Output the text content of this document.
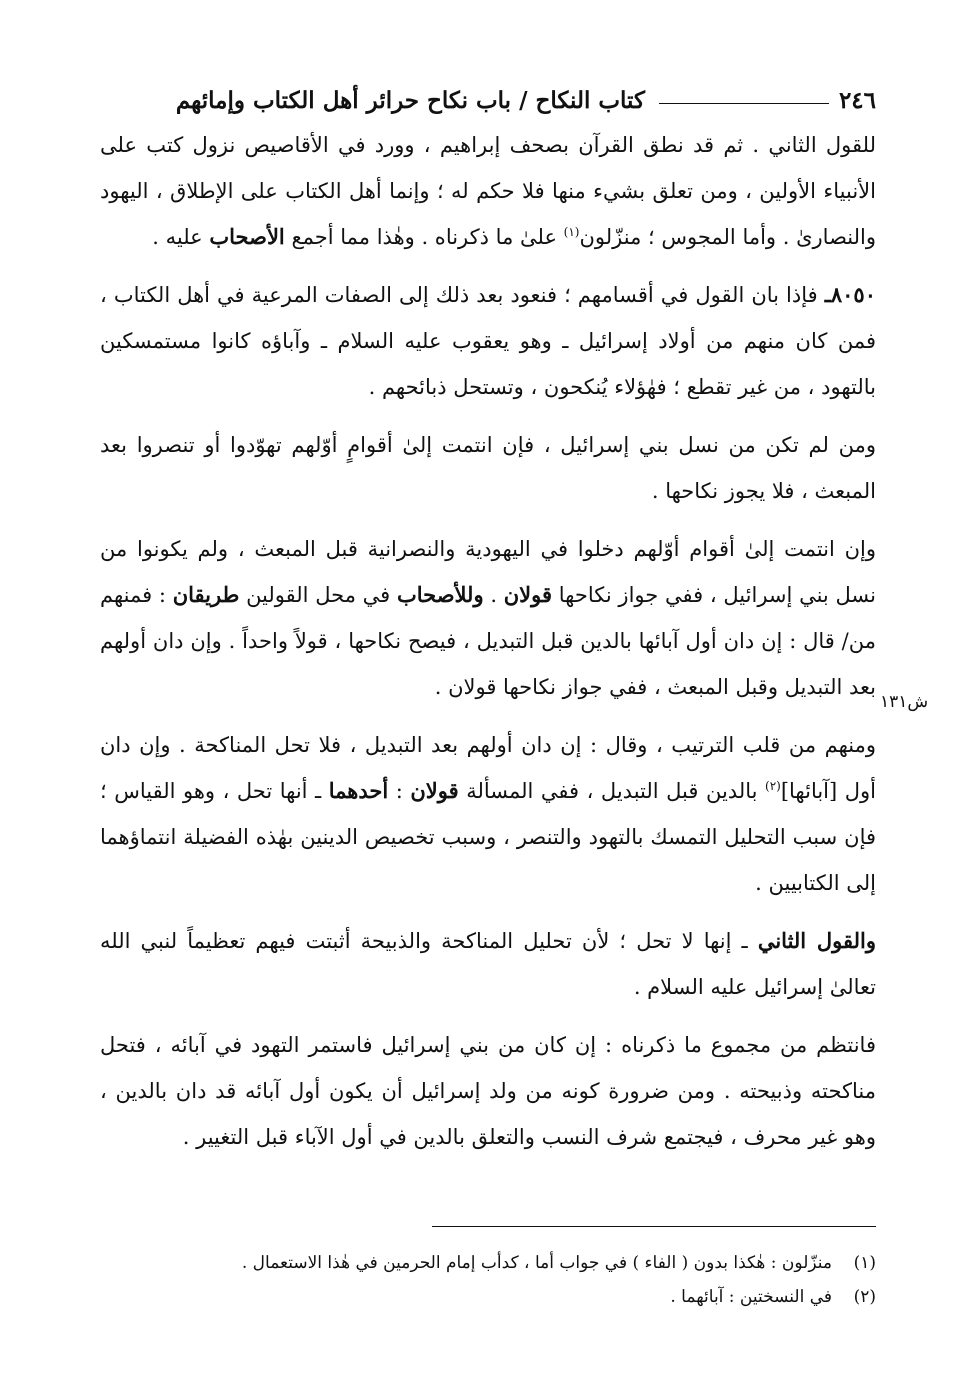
٢٤٦
كتاب النكاح / باب نكاح حرائر أهل الكتاب وإمائهم

للقول الثاني . ثم قد نطق القرآن بصحف إبراهيم ، وورد في الأقاصيص نزول كتب على الأنبياء الأولين ، ومن تعلق بشيء منها فلا حكم له ؛ وإنما أهل الكتاب على الإطلاق ، اليهود والنصارىٰ . وأما المجوس ؛ منزّلون$^{(١)}$ علىٰ ما ذكرناه . وهٰذا مما أجمع الأصحاب عليه .

٨٠٥٠ـ فإذا بان القول في أقسامهم ؛ فنعود بعد ذلك إلى الصفات المرعية في أهل الكتاب ، فمن كان منهم من أولاد إسرائيل ـ وهو يعقوب عليه السلام ـ وآباؤه كانوا مستمسكين بالتهود ، من غير تقطع ؛ فهٰؤلاء يُنكحون ، وتستحل ذبائحهم .

ومن لم تكن من نسل بني إسرائيل ، فإن انتمت إلىٰ أقوامٍ أوّلهم تهوّدوا أو تنصروا بعد المبعث ، فلا يجوز نكاحها .

وإن انتمت إلىٰ أقوام أوّلهم دخلوا في اليهودية والنصرانية قبل المبعث ، ولم يكونوا من نسل بني إسرائيل ، ففي جواز نكاحها قولان . وللأصحاب في محل القولين طريقان : فمنهم من/ قال : إن دان أول آبائها بالدين قبل التبديل ، فيصح نكاحها ، قولاً واحداً . وإن دان أولهم بعد التبديل وقبل المبعث ، ففي جواز نكاحها قولان .

ومنهم من قلب الترتيب ، وقال : إن دان أولهم بعد التبديل ، فلا تحل المناكحة . وإن دان أول [آبائها]$^{(٢)}$ بالدين قبل التبديل ، ففي المسألة قولان : أحدهما ـ أنها تحل ، وهو القياس ؛ فإن سبب التحليل التمسك بالتهود والتنصر ، وسبب تخصيص الدينين بهٰذه الفضيلة انتماؤهما إلى الكتابيين .

والقول الثاني ـ إنها لا تحل ؛ لأن تحليل المناكحة والذبيحة أثبتت فيهم تعظيماً لنبي الله تعالىٰ إسرائيل عليه السلام .

فانتظم من مجموع ما ذكرناه : إن كان من بني إسرائيل فاستمر التهود في آبائه ، فتحل مناكحته وذبيحته . ومن ضرورة كونه من ولد إسرائيل أن يكون أول آبائه قد دان بالدين ، وهو غير محرف ، فيجتمع شرف النسب والتعلق بالدين في أول الآباء قبل التغيير .

ش١٣١
(١)
منزّلون : هٰكذا بدون ( الفاء ) في جواب أما ، كدأب إمام الحرمين في هٰذا الاستعمال .
(٢)
في النسختين : آبائهما .
